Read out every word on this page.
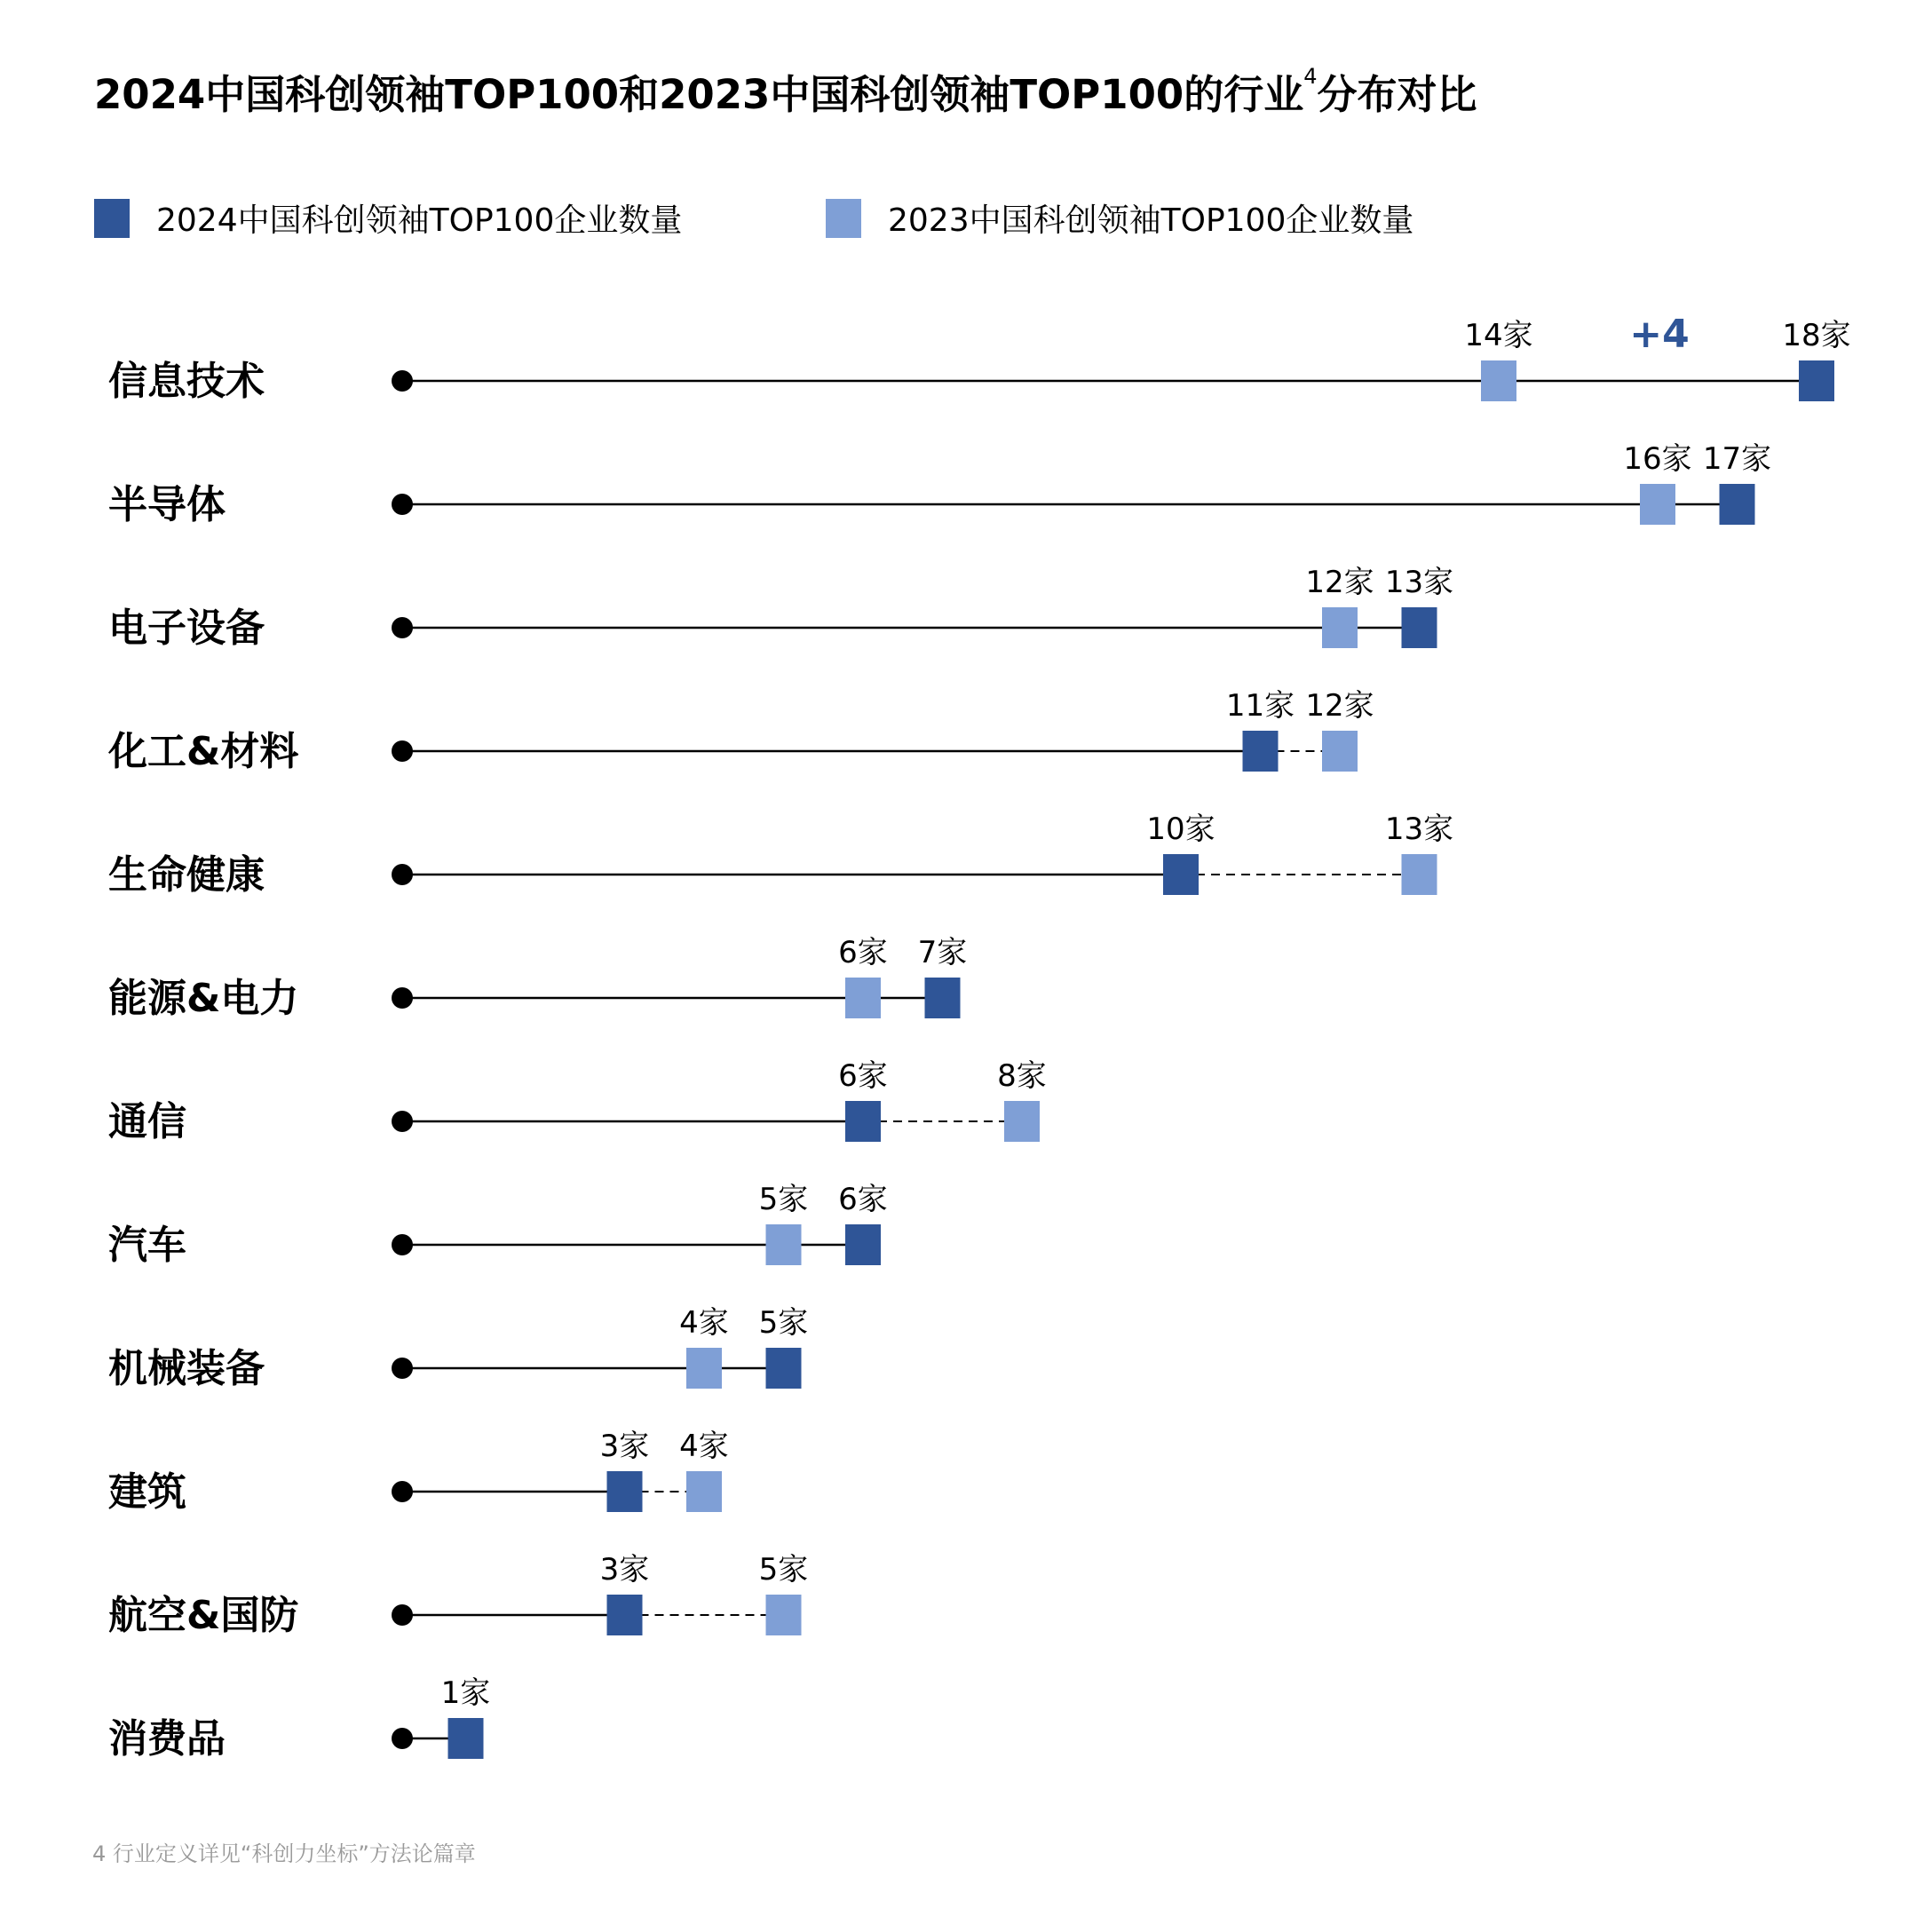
2024中国科创领袖TOP100和2023中国科创领袖TOP100的行业$^4$分布对比
2024中国科创领袖TOP100企业数量	2023中国科创领袖TOP100企业数量
信息技术
14家	18家
半导体
16家 17家
电子设备
12家 13家
化工&材料
12家
11家
生命健康
13家
10家
能源&电力
6家 7家
通信
8家
6家
汽车
5家 6家
机械装备
4家 5家
建筑
4家
3家
航空&国防
5家
3家
消费品
1家
+4
4 行业定义详见“科创力坐标”方法论篇章
